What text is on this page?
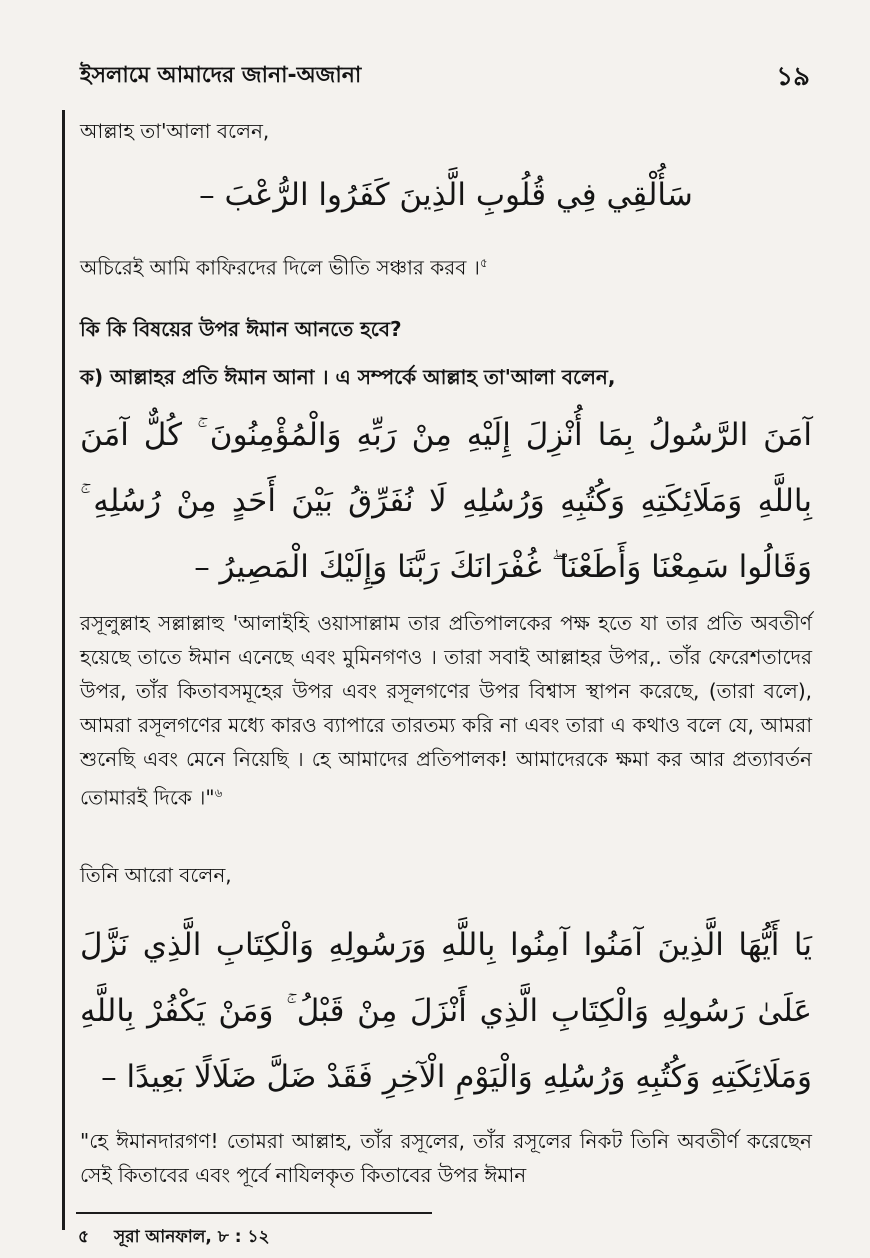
ইসলামে আমাদের জানা-অজানা	১৯
আল্লাহ তা'আলা বলেন,
سَأُلْقِي فِي قُلُوبِ الَّذِينَ كَفَرُوا الرُّعْبَ –
অচিরেই আমি কাফিরদের দিলে ভীতি সঞ্চার করব ।$^৫$
কি কি বিষয়ের উপর ঈমান আনতে হবে?
ক) আল্লাহর প্রতি ঈমান আনা । এ সম্পর্কে আল্লাহ তা'আলা বলেন,
آمَنَ الرَّسُولُ بِمَا أُنْزِلَ إِلَيْهِ مِنْ رَبِّهِ وَالْمُؤْمِنُونَ ۚ كُلٌّ آمَنَ بِاللَّهِ وَمَلَائِكَتِهِ وَكُتُبِهِ وَرُسُلِهِ لَا نُفَرِّقُ بَيْنَ أَحَدٍ مِنْ رُسُلِهِ ۚ وَقَالُوا سَمِعْنَا وَأَطَعْنَا ۖ غُفْرَانَكَ رَبَّنَا وَإِلَيْكَ الْمَصِيرُ –
রসূলুল্লাহ সল্লাল্লাহু 'আলাইহি ওয়াসাল্লাম তার প্রতিপালকের পক্ষ হতে যা তার প্রতি অবতীর্ণ হয়েছে তাতে ঈমান এনেছে এবং মুমিনগণও । তারা সবাই আল্লাহর উপর,. তাঁর ফেরেশতাদের উপর, তাঁর কিতাবসমূহের উপর এবং রসূলগণের উপর বিশ্বাস স্থাপন করেছে, (তারা বলে), আমরা রসূলগণের মধ্যে কারও ব্যাপারে তারতম্য করি না এবং তারা এ কথাও বলে যে, আমরা শুনেছি এবং মেনে নিয়েছি । হে আমাদের প্রতিপালক! আমাদেরকে ক্ষমা কর আর প্রত্যাবর্তন তোমারই দিকে ।"$^৬$
তিনি আরো বলেন,
يَا أَيُّهَا الَّذِينَ آمَنُوا آمِنُوا بِاللَّهِ وَرَسُولِهِ وَالْكِتَابِ الَّذِي نَزَّلَ عَلَىٰ رَسُولِهِ وَالْكِتَابِ الَّذِي أَنْزَلَ مِنْ قَبْلُ ۚ وَمَنْ يَكْفُرْ بِاللَّهِ وَمَلَائِكَتِهِ وَكُتُبِهِ وَرُسُلِهِ وَالْيَوْمِ الْآخِرِ فَقَدْ ضَلَّ ضَلَالًا بَعِيدًا –
"হে ঈমানদারগণ! তোমরা আল্লাহ, তাঁর রসূলের, তাঁর রসূলের নিকট তিনি অবতীর্ণ করেছেন সেই কিতাবের এবং পূর্বে নাযিলকৃত কিতাবের উপর ঈমান
৫ সূরা আনফাল, ৮ : ১২
